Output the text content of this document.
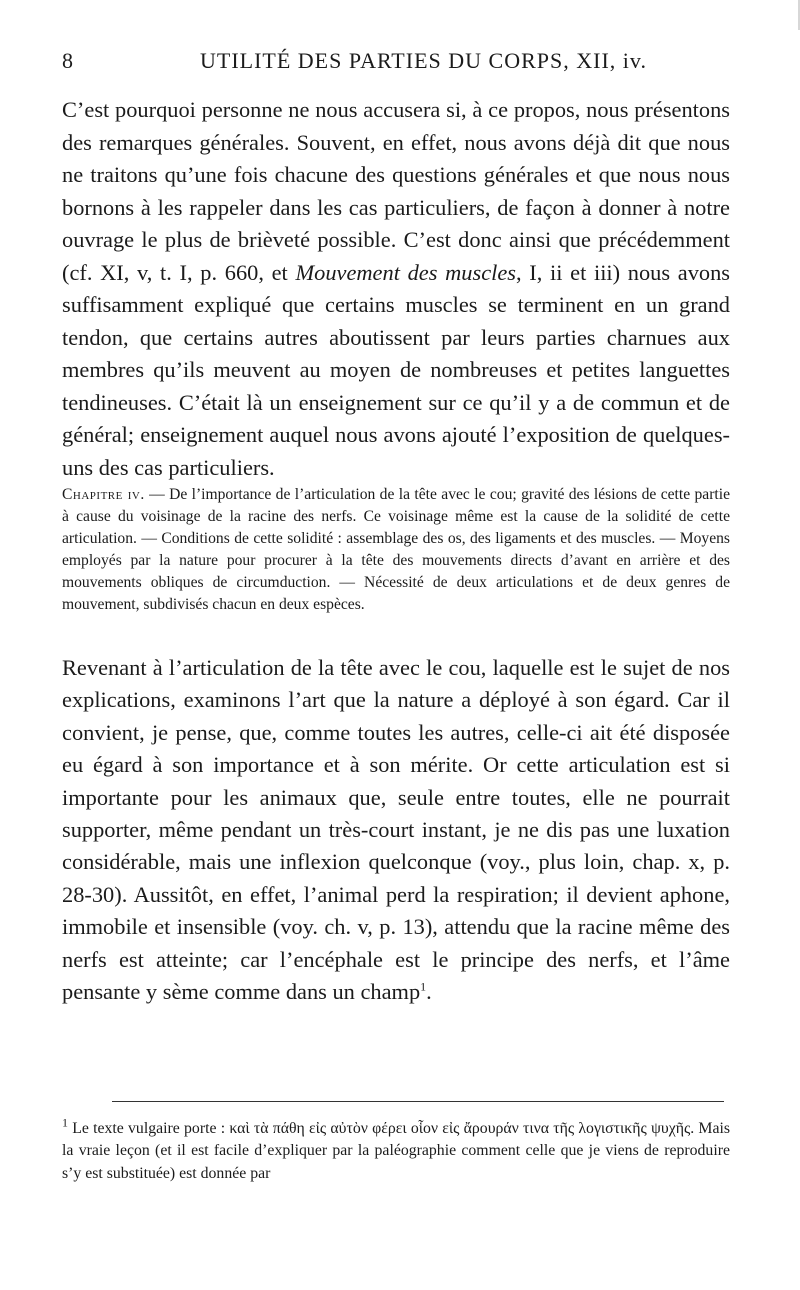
8	UTILITÉ DES PARTIES DU CORPS, XII, iv.
C’est pourquoi personne ne nous accusera si, à ce propos, nous présentons des remarques générales. Souvent, en effet, nous avons déjà dit que nous ne traitons qu’une fois chacune des questions générales et que nous nous bornons à les rappeler dans les cas particuliers, de façon à donner à notre ouvrage le plus de brièveté possible. C’est donc ainsi que précédemment (cf. XI, v, t. I, p. 660, et Mouvement des muscles, I, ii et iii) nous avons suffisamment expliqué que certains muscles se terminent en un grand tendon, que certains autres aboutissent par leurs parties charnues aux membres qu’ils meuvent au moyen de nombreuses et petites languettes tendineuses. C’était là un enseignement sur ce qu’il y a de commun et de général; enseignement auquel nous avons ajouté l’exposition de quelques-uns des cas particuliers.
Chapitre iv. — De l’importance de l’articulation de la tête avec le cou; gravité des lésions de cette partie à cause du voisinage de la racine des nerfs. Ce voisinage même est la cause de la solidité de cette articulation. — Conditions de cette solidité : assemblage des os, des ligaments et des muscles. — Moyens employés par la nature pour procurer à la tête des mouvements directs d’avant en arrière et des mouvements obliques de circumduction. — Nécessité de deux articulations et de deux genres de mouvement, subdivisés chacun en deux espèces.
Revenant à l’articulation de la tête avec le cou, laquelle est le sujet de nos explications, examinons l’art que la nature a déployé à son égard. Car il convient, je pense, que, comme toutes les autres, celle-ci ait été disposée eu égard à son importance et à son mérite. Or cette articulation est si importante pour les animaux que, seule entre toutes, elle ne pourrait supporter, même pendant un très-court instant, je ne dis pas une luxation considérable, mais une inflexion quelconque (voy., plus loin, chap. x, p. 28-30). Aussitôt, en effet, l’animal perd la respiration; il devient aphone, immobile et insensible (voy. ch. v, p. 13), attendu que la racine même des nerfs est atteinte; car l’encéphale est le principe des nerfs, et l’âme pensante y sème comme dans un champ$^1$.
$^1$ Le texte vulgaire porte : καὶ τὰ πάθη εἰς αὐτὸν φέρει οἷον εἰς ἄρουράν τινα τῆς λογιστικῆς ψυχῆς. Mais la vraie leçon (et il est facile d’expliquer par la paléographie comment celle que je viens de reproduire s’y est substituée) est donnée par
